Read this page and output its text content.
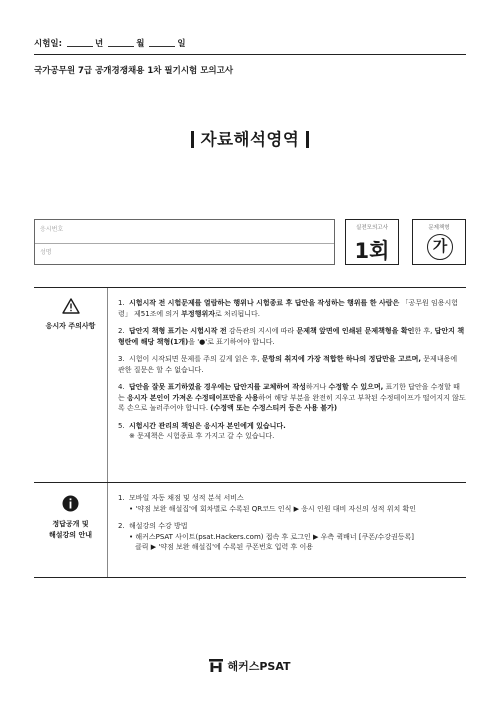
시험일:	년	월	일
국가공무원 7급 공개경쟁채용 1차 필기시험 모의고사
자료해석영역
응시번호
성명
실전모의고사
1회
문제책형
가
응시자 주의사항
1. 시험시작 전 시험문제를 열람하는 행위나 시험종료 후 답안을 작성하는 행위를 한 사람은 「공무원 임용시험령」 제51조에 의거 부정행위자로 처리됩니다.
2. 답안지 책형 표기는 시험시작 전 감독관의 지시에 따라 문제책 앞면에 인쇄된 문제책형을 확인한 후, 답안지 책형란에 해당 책형(1개)을 '●'로 표기하여야 합니다.
3. 시험이 시작되면 문제를 주의 깊게 읽은 후, 문항의 취지에 가장 적합한 하나의 정답만을 고르며, 문제내용에 관한 질문은 할 수 없습니다.
4. 답안을 잘못 표기하였을 경우에는 답안지를 교체하여 작성하거나 수정할 수 있으며, 표기한 답안을 수정할 때는 응시자 본인이 가져온 수정테이프만을 사용하여 해당 부분을 완전히 지우고 부착된 수정테이프가 떨어지지 않도록 손으로 눌러주어야 합니다. (수정액 또는 수정스티커 등은 사용 불가)
5. 시험시간 관리의 책임은 응시자 본인에게 있습니다.
※ 문제책은 시험종료 후 가지고 갈 수 있습니다.
정답공개 및
해설강의 안내
1. 모바일 자동 채점 및 성적 분석 서비스
• '약점 보완 해설집'에 회차별로 수록된 QR코드 인식 ▶ 응시 인원 대비 자신의 성적 위치 확인
2. 해설강의 수강 방법
• 해커스PSAT 사이트(psat.Hackers.com) 접속 후 로그인 ▶ 우측 퀵배너 [쿠폰/수강권등록]
클릭 ▶ '약점 보완 해설집'에 수록된 쿠폰번호 입력 후 이용
해커스PSAT
